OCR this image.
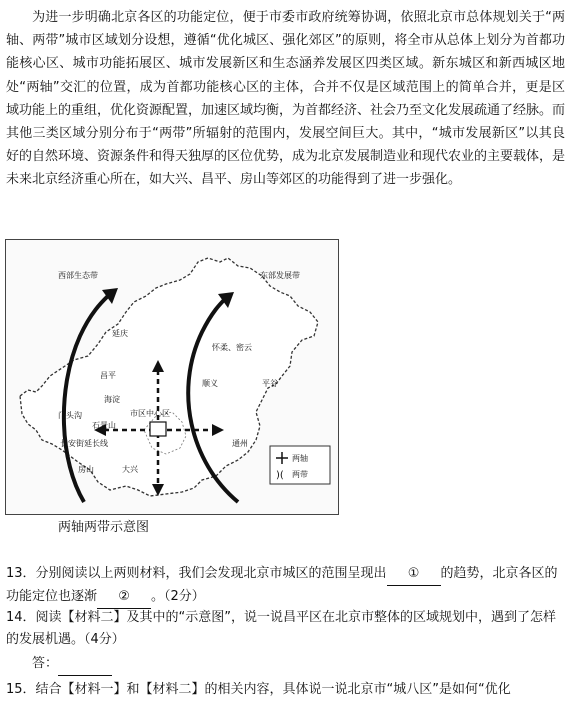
为进一步明确北京各区的功能定位，便于市委市政府统筹协调，依照北京市总体规划关于“两轴、两带”城市区域划分设想，遵循“优化城区、强化郊区”的原则，将全市从总体上划分为首都功能核心区、城市功能拓展区、城市发展新区和生态涵养发展区四类区域。新东城区和新西城区地处“两轴”交汇的位置，成为首都功能核心区的主体，合并不仅是区域范围上的简单合并，更是区域功能上的重组，优化资源配置，加速区域均衡，为首都经济、社会乃至文化发展疏通了经脉。而其他三类区域分别分布于“两带”所辐射的范围内，发展空间巨大。其中，“城市发展新区”以其良好的自然环境、资源条件和得天独厚的区位优势，成为北京发展制造业和现代农业的主要载体，是未来北京经济重心所在，如大兴、昌平、房山等郊区的功能得到了进一步强化。

西部生态带	东部发展带
延庆
怀柔、密云
昌平
顺义	平谷
海淀
门头沟
石景山
市区中心区
长安街延长线	通州
房山	大兴
两轴
)( 两带
两轴两带示意图

13．分别阅读以上两则材料，我们会发现北京市城区的范围呈现出 ① 的趋势，北京各区的功能定位也逐渐 ② 。（2分）

14．阅读【材料二】及其中的“示意图”，说一说昌平区在北京市整体的区域规划中，遇到了怎样的发展机遇。（4分）

答：

15．结合【材料一】和【材料二】的相关内容，具体说一说北京市“城八区”是如何“优化
